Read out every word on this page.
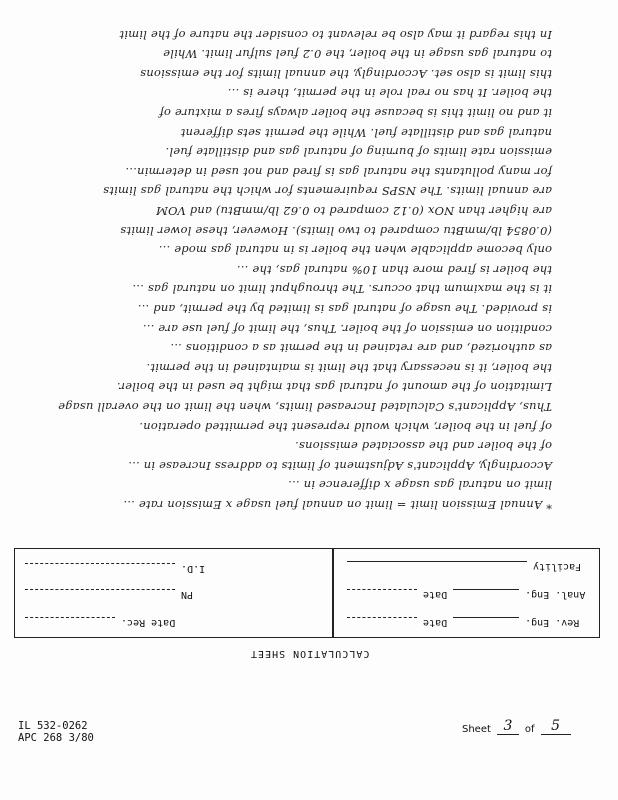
* Annual Emission limit = limit on annual fuel usage x Emission rate ...
limit on natural gas usage x difference in ...
Accordingly, Applicant's Adjustment of limits to address Increase in ...
of the boiler and the associated emissions.
of fuel in the boiler, which would represent the permitted operation.
Thus, Applicant's Calculated Increased limits, when the limit on the overall usage
Limitation of the amount of natural gas that might be used in the boiler.
the boiler, it is necessary that the limit is maintained in the permit.
as authorized, and are retained in the permit as a conditions ...
condition on emission of the boiler. Thus, the limit of fuel use are ...
is provided. The usage of natural gas is limited by the permit, and ...
it is the maximum that occurs. The throughput limit on natural gas ...
the boiler is fired more than 10% natural gas, the ...
only become applicable when the boiler is in natural gas mode ...
(0.0854 lb/mmBtu compared to two limits). However, these lower limits
are higher than NOx (0.12 compared to 0.62 lb/mmBtu) and VOM
are annual limits. The NSPS requirements for which the natural gas limits
for many pollutants the natural gas is fired and not used in determin...
emission rate limits of burning of natural gas and distillate fuel.
natural gas and distillate fuel. While the permit sets different
it and no limit this is because the boiler always fires a mixture of
the boiler. It has no real role in the permit, there is ...
this limit is also set. Accordingly, the annual limits for the emissions
to natural gas usage in the boiler, the 0.2 fuel sulfur limit. While
In this regard it may also be relevant to consider the nature of the limit
Date Rec.
PN
I.D.
Date	Rev. Eng.
Date	Anal. Eng.
Facility
CALCULATION SHEET
IL 532-0262
APC 268 3/80
Sheet 3	of	5
